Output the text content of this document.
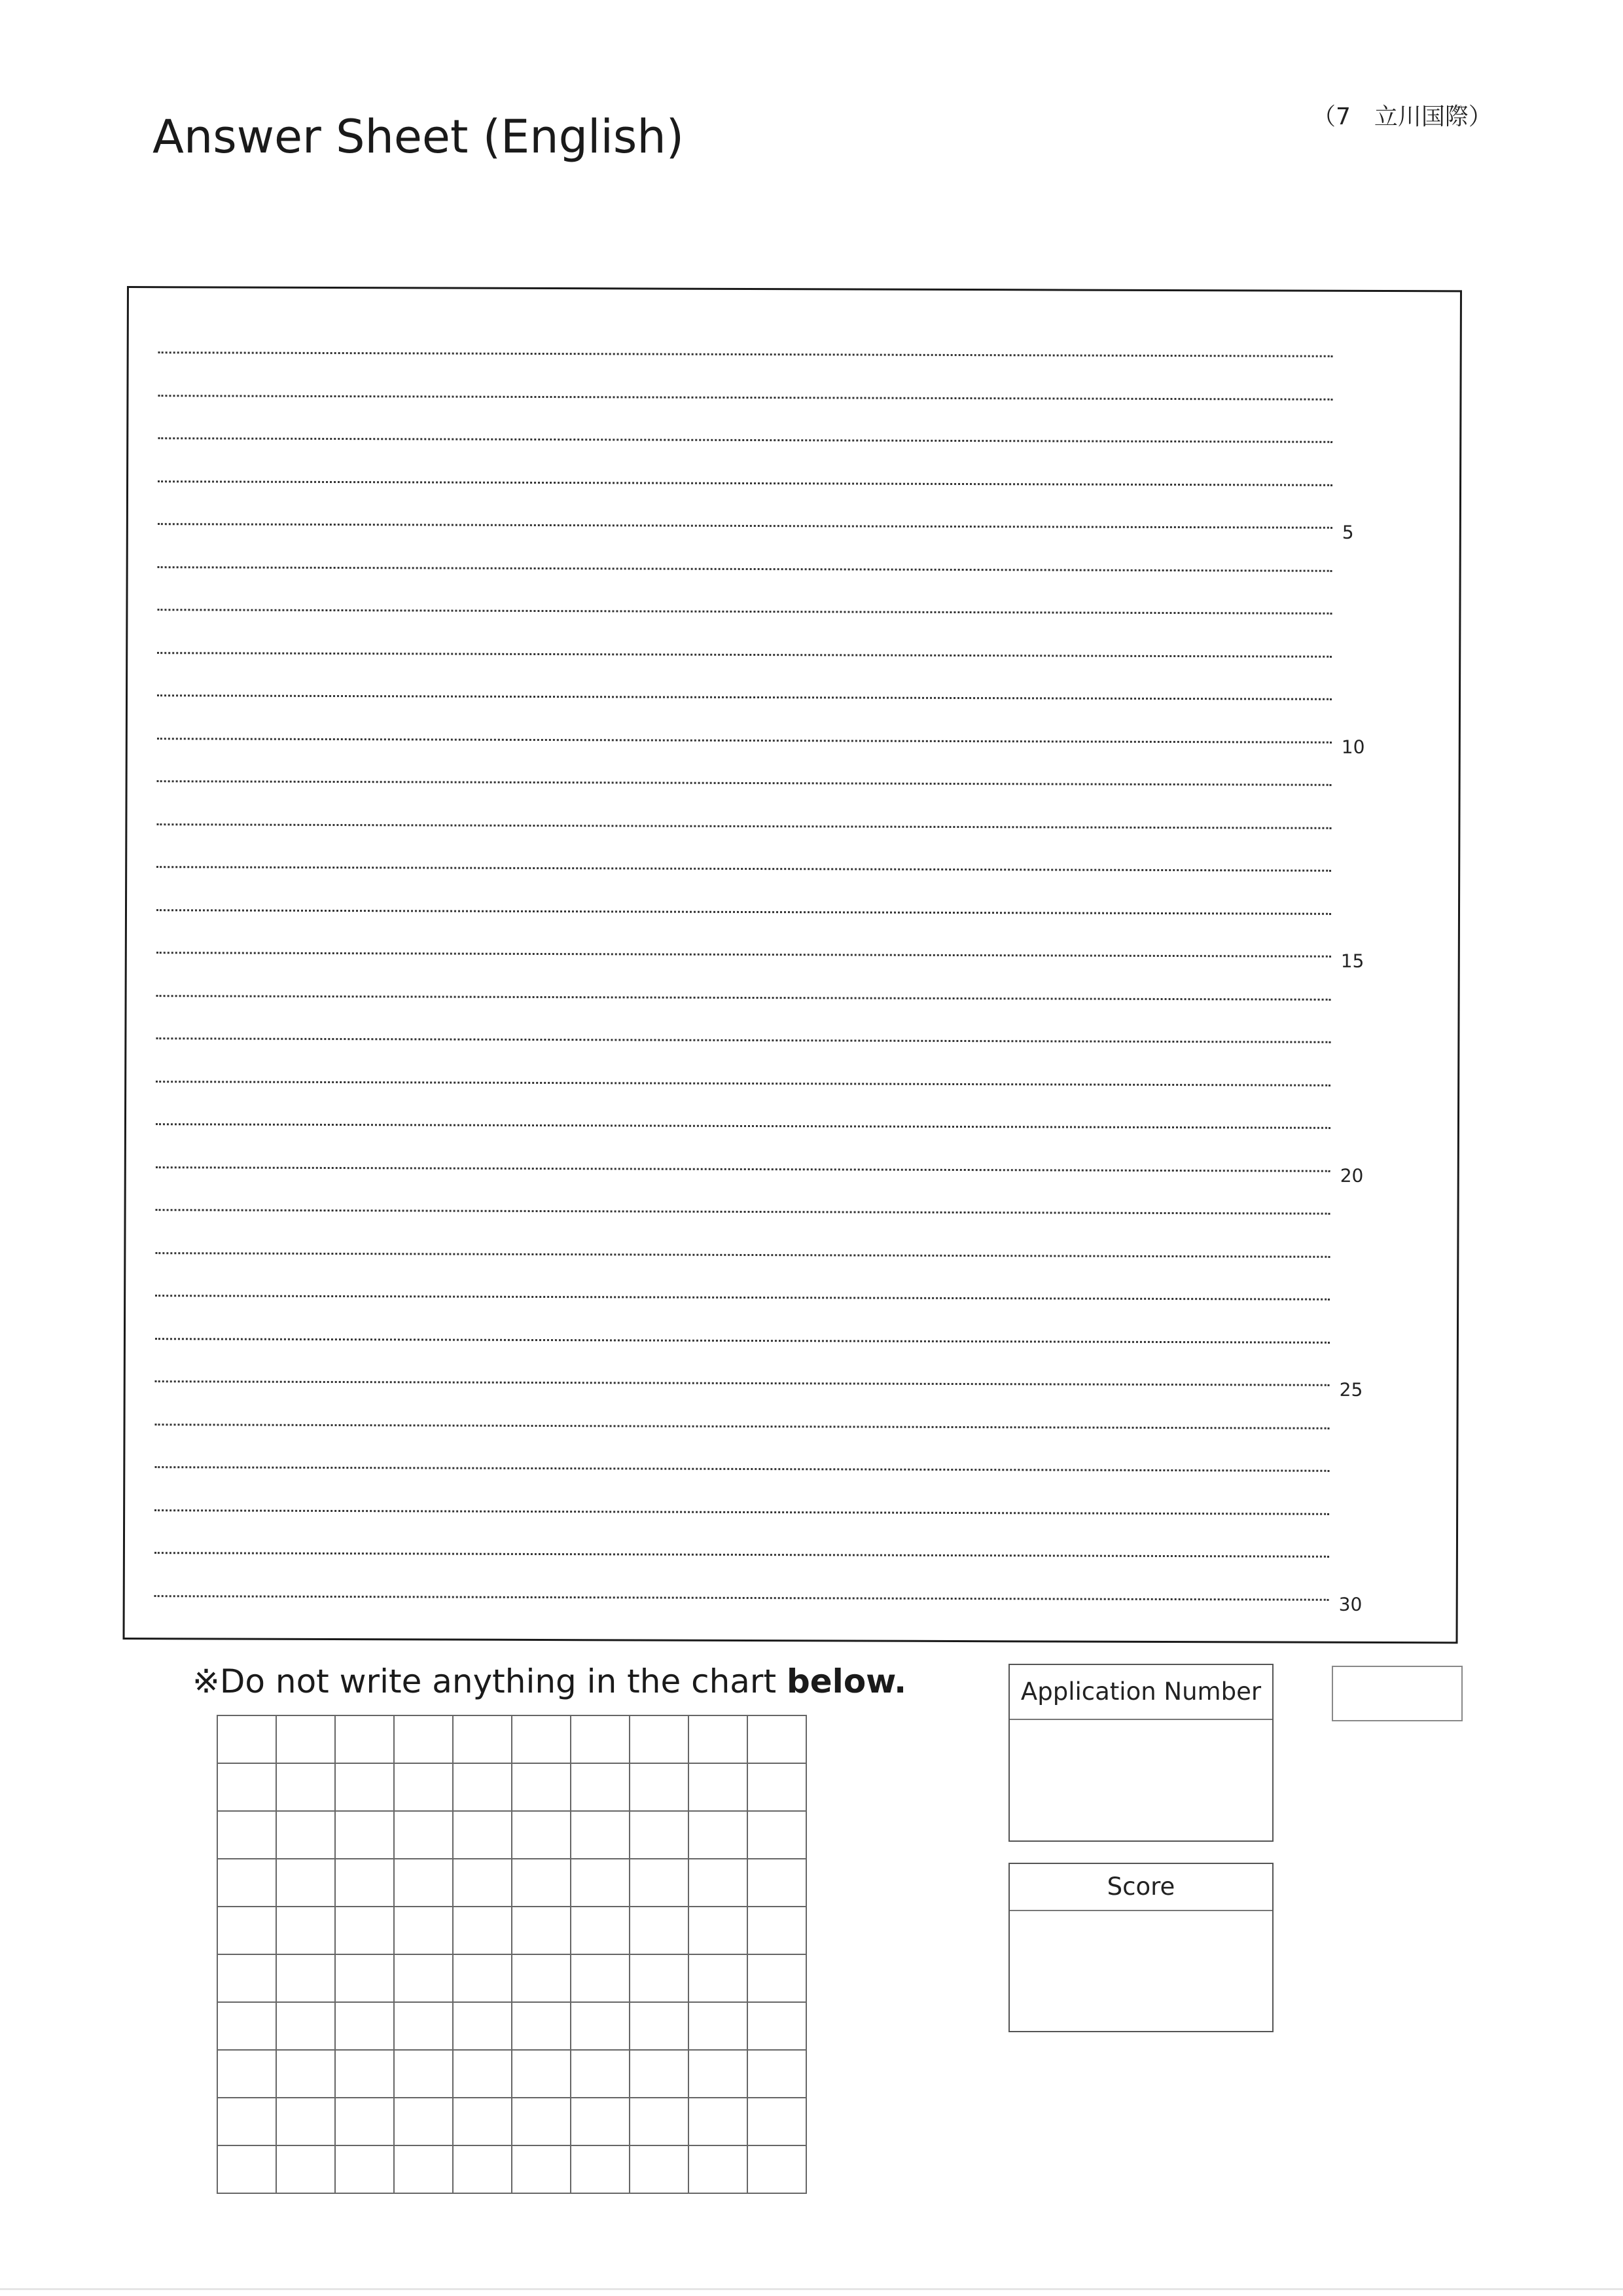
Answer Sheet (English)	（7　立川国際）
5
10
15
20
25
30
※Do not write anything in the chart below.

										Application Number
Score
